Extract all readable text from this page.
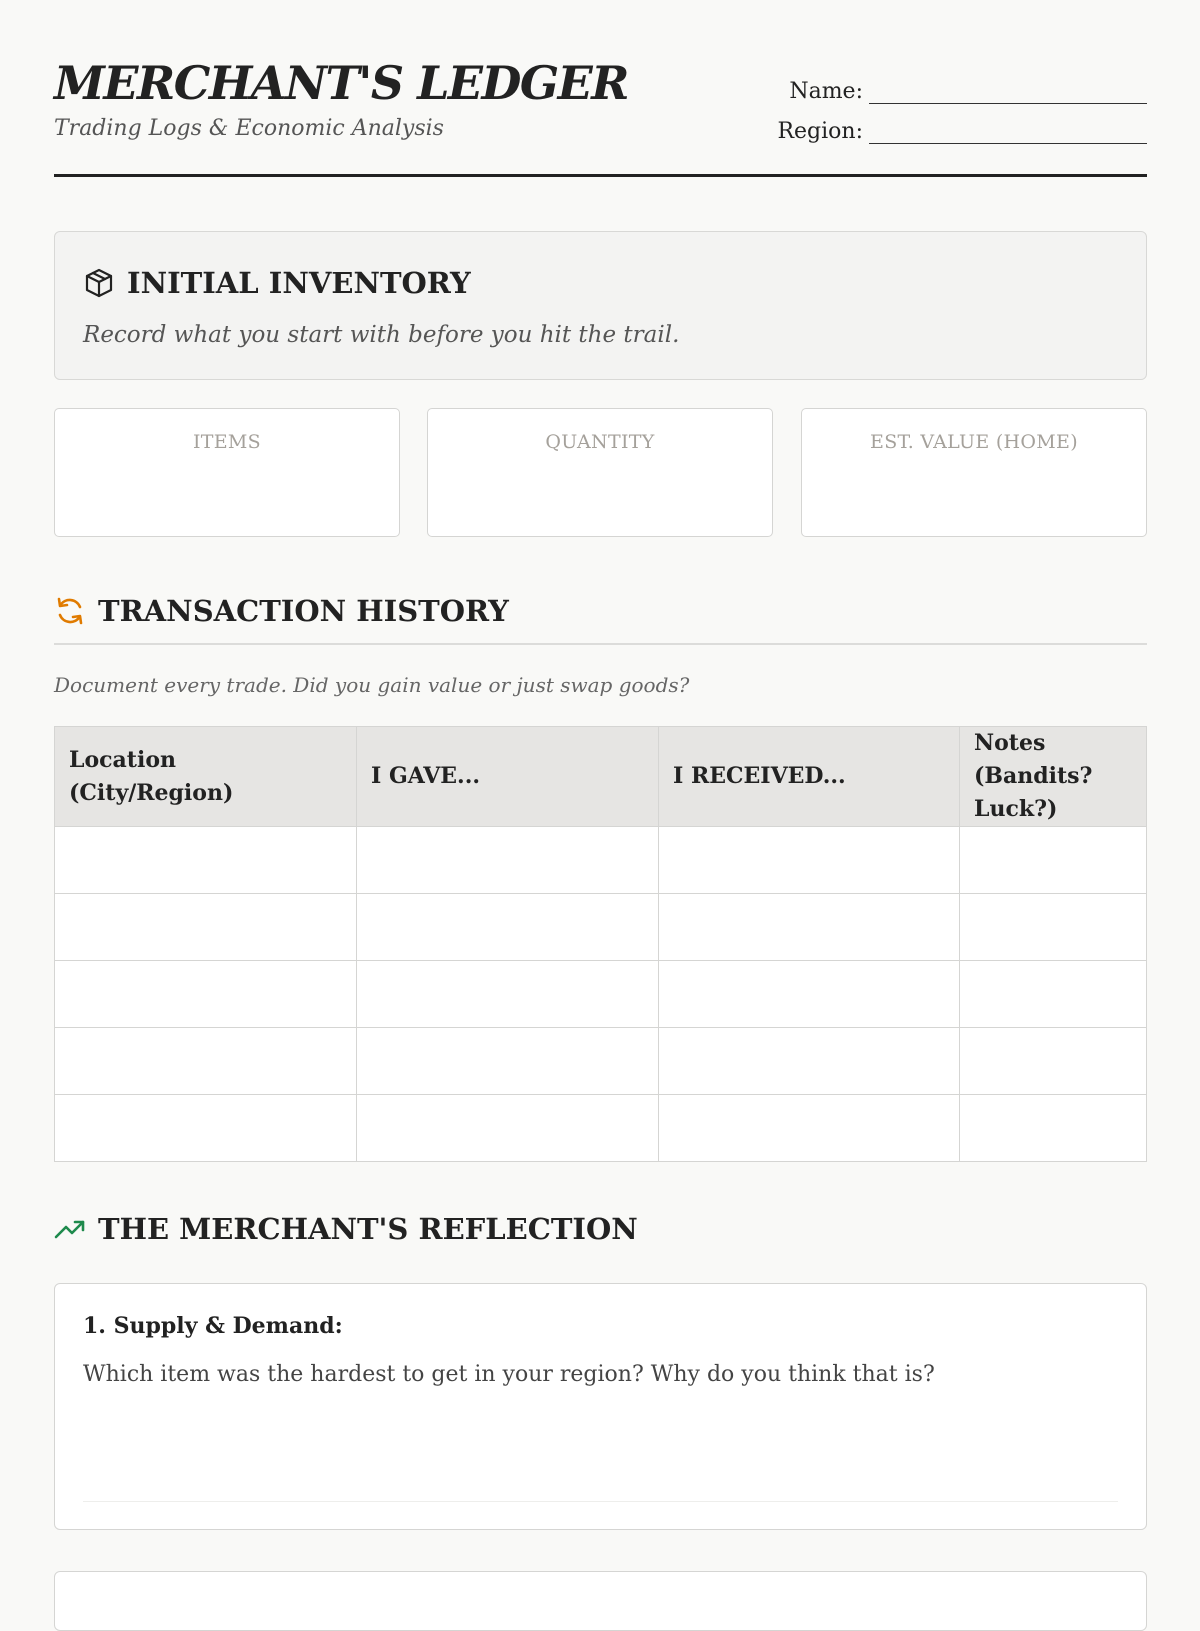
MERCHANT'S LEDGER
Trading Logs & Economic Analysis
Name:
Region:
INITIAL INVENTORY
Record what you start with before you hit the trail.
ITEMS	QUANTITY	EST. VALUE (HOME)
TRANSACTION HISTORY
Document every trade. Did you gain value or just swap goods?
Location (City/Region)	I GAVE...	I RECEIVED...	Notes (Bandits? Luck?)

THE MERCHANT'S REFLECTION
1. Supply & Demand:
Which item was the hardest to get in your region? Why do you think that is?
